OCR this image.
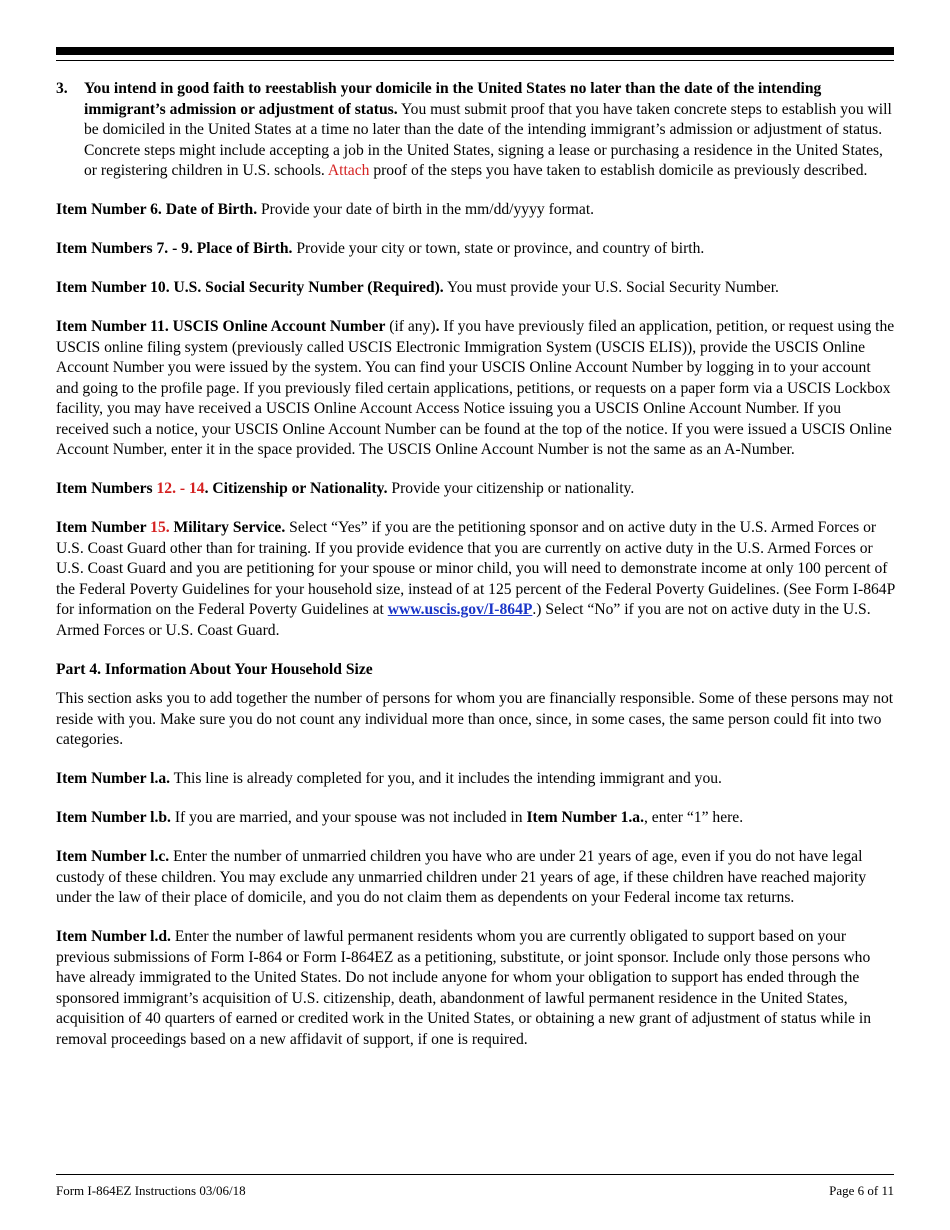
3.	You intend in good faith to reestablish your domicile in the United States no later than the date of the intending immigrant’s admission or adjustment of status. You must submit proof that you have taken concrete steps to establish you will be domiciled in the United States at a time no later than the date of the intending immigrant’s admission or adjustment of status. Concrete steps might include accepting a job in the United States, signing a lease or purchasing a residence in the United States, or registering children in U.S. schools. Attach proof of the steps you have taken to establish domicile as previously described.

Item Number 6. Date of Birth. Provide your date of birth in the mm/dd/yyyy format.

Item Numbers 7. - 9. Place of Birth. Provide your city or town, state or province, and country of birth.

Item Number 10. U.S. Social Security Number (Required). You must provide your U.S. Social Security Number.

Item Number 11. USCIS Online Account Number (if any). If you have previously filed an application, petition, or request using the USCIS online filing system (previously called USCIS Electronic Immigration System (USCIS ELIS)), provide the USCIS Online Account Number you were issued by the system. You can find your USCIS Online Account Number by logging in to your account and going to the profile page. If you previously filed certain applications, petitions, or requests on a paper form via a USCIS Lockbox facility, you may have received a USCIS Online Account Access Notice issuing you a USCIS Online Account Number. If you received such a notice, your USCIS Online Account Number can be found at the top of the notice. If you were issued a USCIS Online Account Number, enter it in the space provided. The USCIS Online Account Number is not the same as an A-Number.

Item Numbers 12. - 14. Citizenship or Nationality. Provide your citizenship or nationality.

Item Number 15. Military Service. Select “Yes” if you are the petitioning sponsor and on active duty in the U.S. Armed Forces or U.S. Coast Guard other than for training. If you provide evidence that you are currently on active duty in the U.S. Armed Forces or U.S. Coast Guard and you are petitioning for your spouse or minor child, you will need to demonstrate income at only 100 percent of the Federal Poverty Guidelines for your household size, instead of at 125 percent of the Federal Poverty Guidelines. (See Form I-864P for information on the Federal Poverty Guidelines at www.uscis.gov/I-864P.) Select “No” if you are not on active duty in the U.S. Armed Forces or U.S. Coast Guard.

Part 4. Information About Your Household Size

This section asks you to add together the number of persons for whom you are financially responsible. Some of these persons may not reside with you. Make sure you do not count any individual more than once, since, in some cases, the same person could fit into two categories.

Item Number l.a. This line is already completed for you, and it includes the intending immigrant and you.

Item Number l.b. If you are married, and your spouse was not included in Item Number 1.a., enter “1” here.

Item Number l.c. Enter the number of unmarried children you have who are under 21 years of age, even if you do not have legal custody of these children. You may exclude any unmarried children under 21 years of age, if these children have reached majority under the law of their place of domicile, and you do not claim them as dependents on your Federal income tax returns.

Item Number l.d. Enter the number of lawful permanent residents whom you are currently obligated to support based on your previous submissions of Form I-864 or Form I-864EZ as a petitioning, substitute, or joint sponsor. Include only those persons who have already immigrated to the United States. Do not include anyone for whom your obligation to support has ended through the sponsored immigrant’s acquisition of U.S. citizenship, death, abandonment of lawful permanent residence in the United States, acquisition of 40 quarters of earned or credited work in the United States, or obtaining a new grant of adjustment of status while in removal proceedings based on a new affidavit of support, if one is required.

Form I-864EZ Instructions 03/06/18	Page 6 of 11
